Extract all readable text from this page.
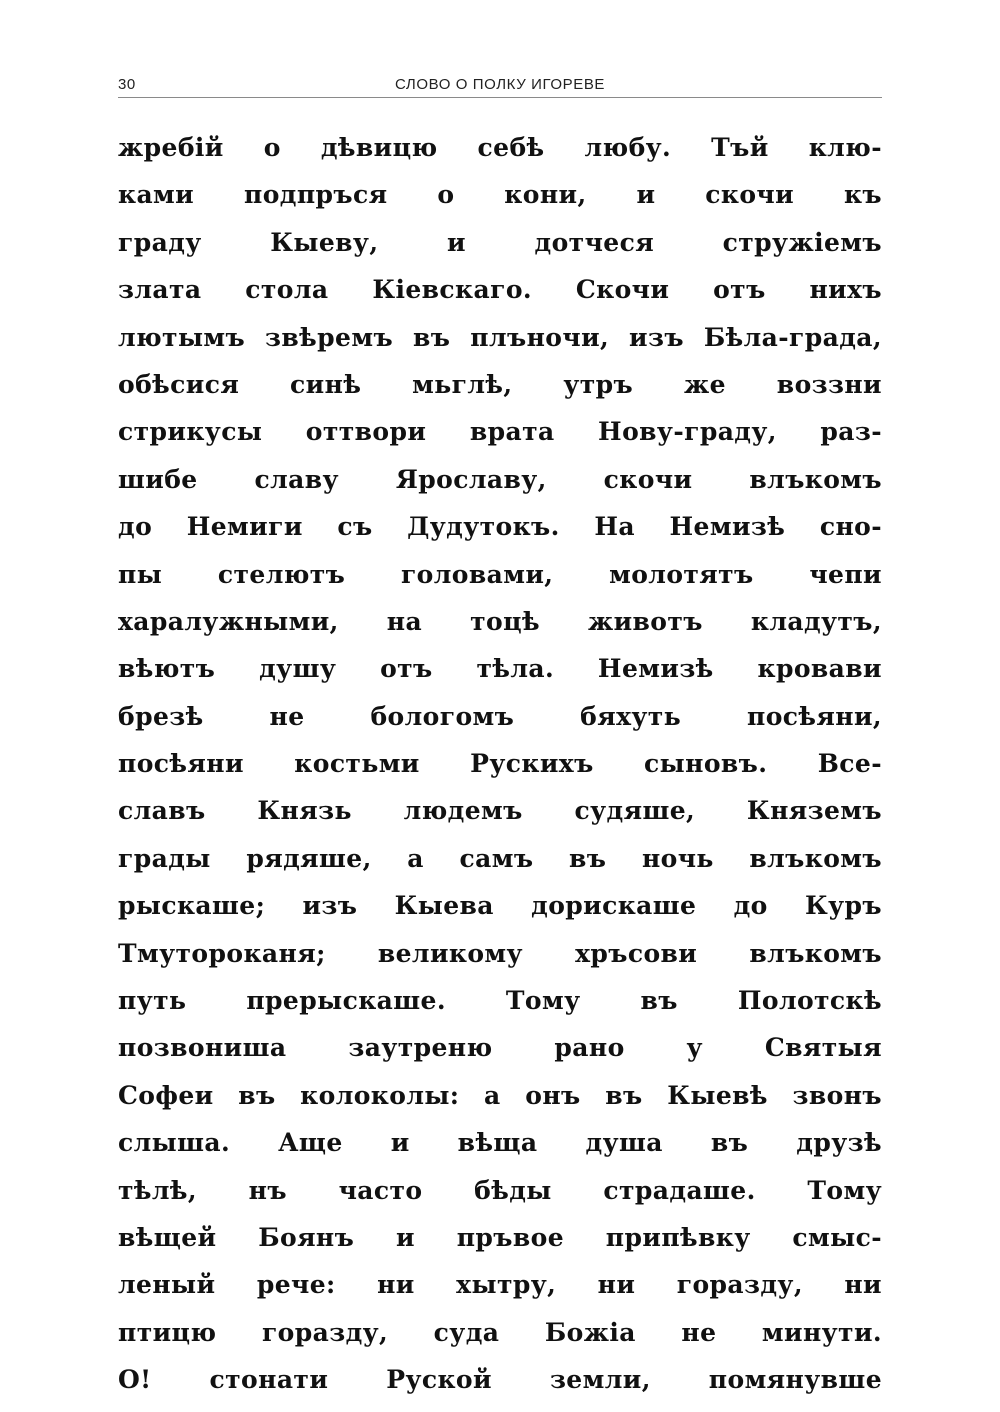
30	СЛОВО О ПОЛКУ ИГОРЕВЕ
жребій о дѣвицю себѣ любу. Тъй клю-
ками подпръся о кони, и скочи къ
граду Кыеву, и дотчеся стружіемъ
злата стола Кіевскаго. Скочи отъ нихъ
лютымъ звѣремъ въ плъночи, изъ Бѣла-града,
обѣсися синѣ мьглѣ, утръ же воззни
стрикусы оттвори врата Нову-граду, раз-
шибе славу Ярославу, скочи влъкомъ
до Немиги съ Дудутокъ. На Немизѣ сно-
пы стелютъ головами, молотятъ чепи
харалужными, на тоцѣ животъ кладутъ,
вѣютъ душу отъ тѣла. Немизѣ кровави
брезѣ не бологомъ бяхуть посѣяни,
посѣяни костьми Рускихъ сыновъ. Все-
славъ Князь людемъ судяше, Княземъ
грады рядяше, а самъ въ ночь влъкомъ
рыскаше; изъ Кыева дорискаше до Куръ
Тмутороканя; великому хръсови влъкомъ
путь прерыскаше. Тому въ Полотскѣ
позвониша заутреню рано у Святыя
Софеи въ колоколы: а онъ въ Кыевѣ звонъ
слыша. Аще и вѣща душа въ друзѣ
тѣлѣ, нъ часто бѣды страдаше. Тому
вѣщей Боянъ и пръвое припѣвку смыс-
леный рече: ни хытру, ни горазду, ни
птицю горазду, суда Божіа не минути.
О! стонати Руской земли, помянувше
